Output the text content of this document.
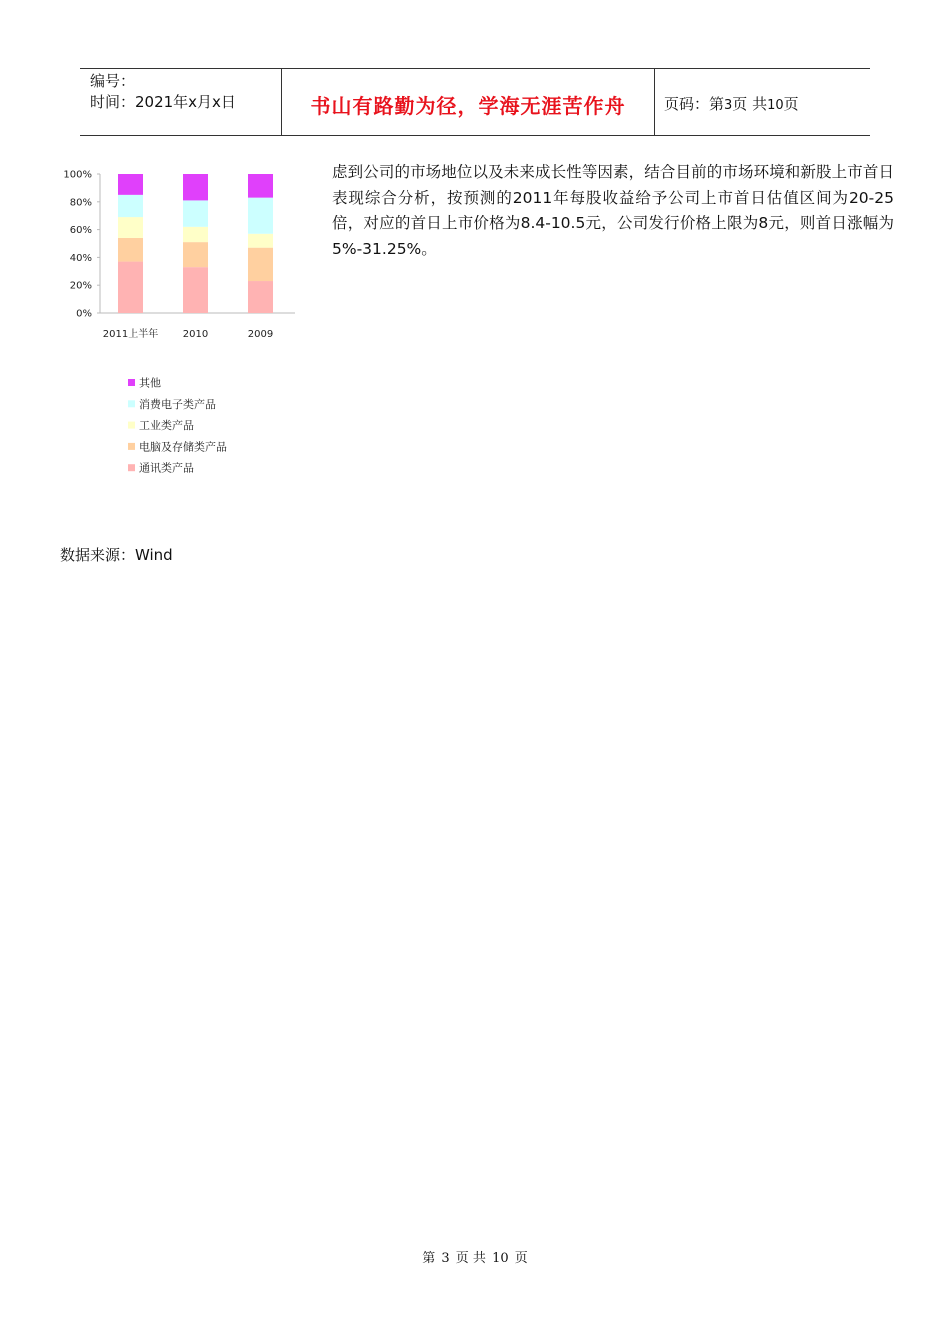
编号：
时间：2021年x月x日	书山有路勤为径，学海无涯苦作舟	页码：第3页 共10页
0%
20%
40%
60%
80%
100%
2011上半年 2010	2009
其他
消费电子类产品
工业类产品
电脑及存储类产品
通讯类产品
虑到公司的市场地位以及未来成长性等因素，结合目前的市场环境和新股上市首日表现综合分析，按预测的2011年每股收益给予公司上市首日估值区间为20-25倍，对应的首日上市价格为8.4-10.5元，公司发行价格上限为8元，则首日涨幅为5%-31.25%。
数据来源：Wind
第 3 页 共 10 页
